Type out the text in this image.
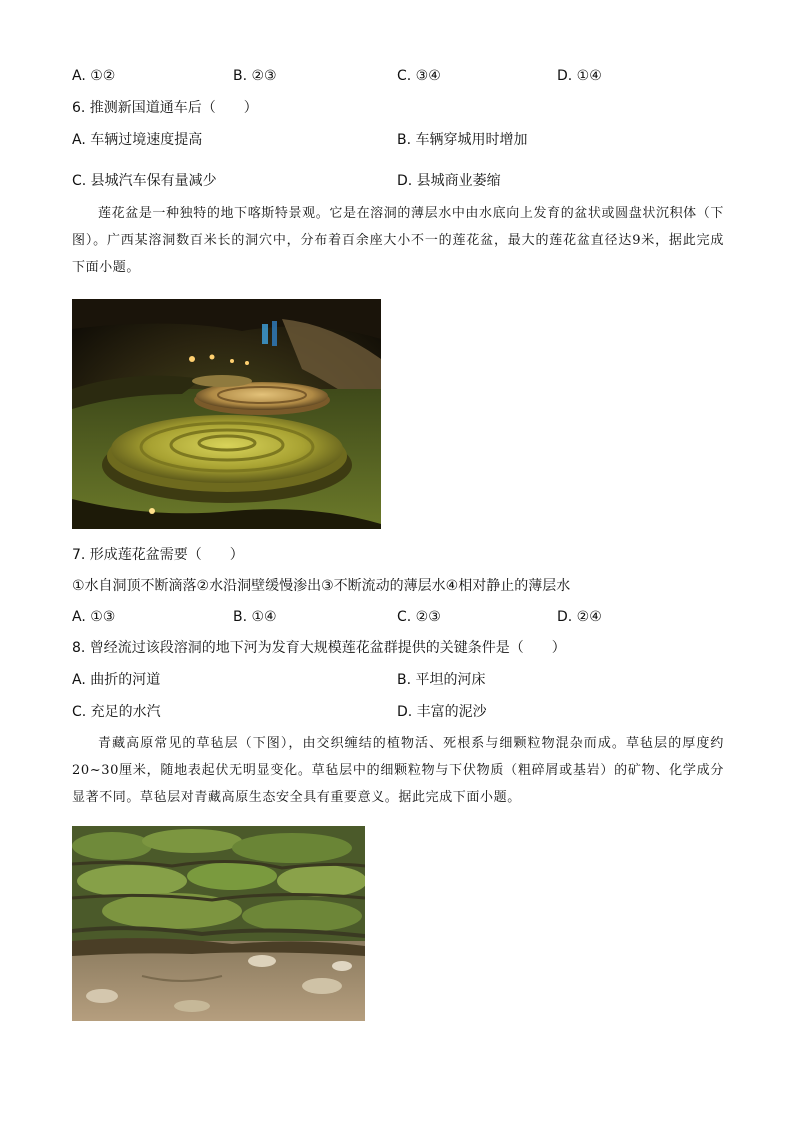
A. ①②	B. ②③	C. ③④	D. ①④
6. 推测新国道通车后（　　）
A. 车辆过境速度提高	B. 车辆穿城用时增加
C. 县城汽车保有量减少	D. 县城商业萎缩
莲花盆是一种独特的地下喀斯特景观。它是在溶洞的薄层水中由水底向上发育的盆状或圆盘状沉积体（下图）。广西某溶洞数百米长的洞穴中，分布着百余座大小不一的莲花盆，最大的莲花盆直径达9米，据此完成下面小题。
7. 形成莲花盆需要（　　）
①水自洞顶不断滴落②水沿洞壁缓慢渗出③不断流动的薄层水④相对静止的薄层水
A. ①③	B. ①④	C. ②③	D. ②④
8. 曾经流过该段溶洞的地下河为发育大规模莲花盆群提供的关键条件是（　　）
A. 曲折的河道	B. 平坦的河床
C. 充足的水汽	D. 丰富的泥沙
青藏高原常见的草毡层（下图），由交织缠结的植物活、死根系与细颗粒物混杂而成。草毡层的厚度约20~30厘米，随地表起伏无明显变化。草毡层中的细颗粒物与下伏物质（粗碎屑或基岩）的矿物、化学成分显著不同。草毡层对青藏高原生态安全具有重要意义。据此完成下面小题。
